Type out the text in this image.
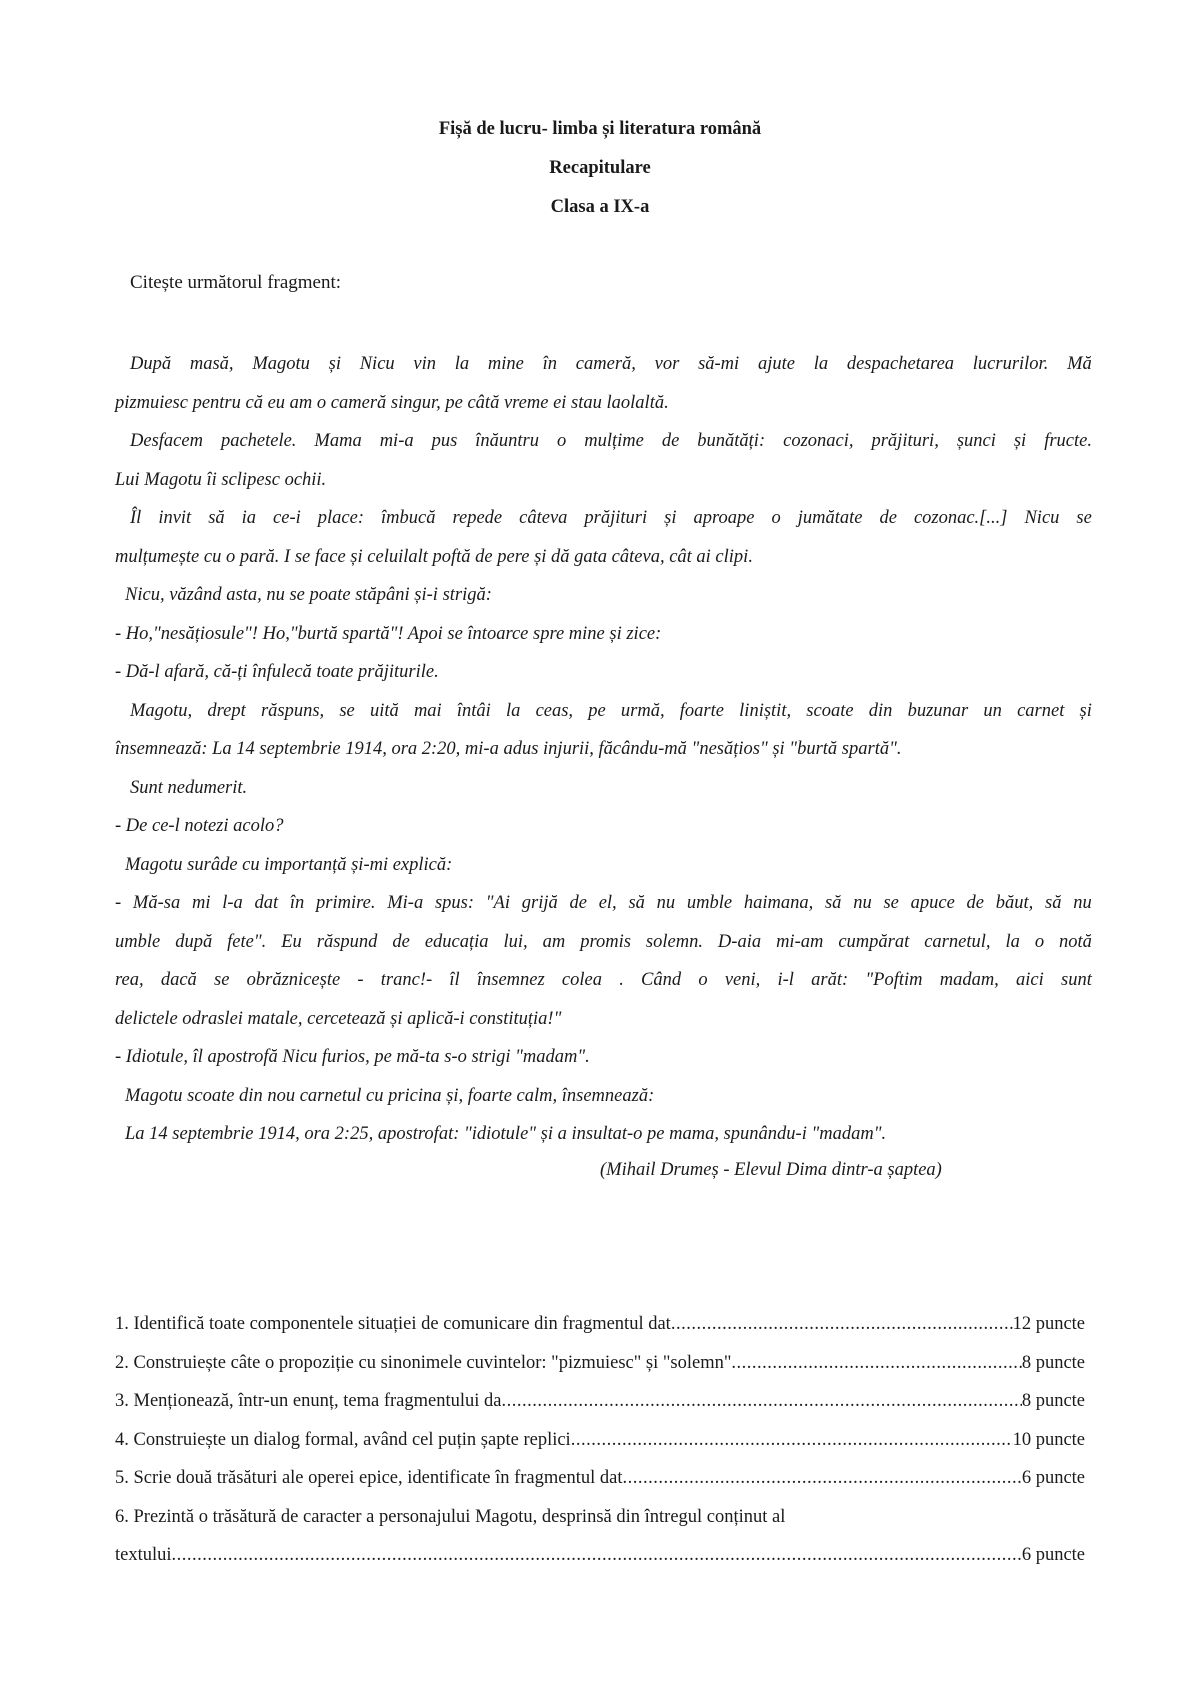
Fișă de lucru- limba și literatura română
Recapitulare
Clasa a IX-a
Citește următorul fragment:
După masă, Magotu și Nicu vin la mine în cameră, vor să-mi ajute la despachetarea lucrurilor. Mă
pizmuiesc pentru că eu am o cameră singur, pe câtă vreme ei stau laolaltă.
Desfacem pachetele. Mama mi-a pus înăuntru o mulțime de bunătăți: cozonaci, prăjituri, șunci și fructe.
Lui Magotu îi sclipesc ochii.
Îl invit să ia ce-i place: îmbucă repede câteva prăjituri și aproape o jumătate de cozonac.[...] Nicu se
mulțumește cu o pară. I se face și celuilalt poftă de pere și dă gata câteva, cât ai clipi.
Nicu, văzând asta, nu se poate stăpâni și-i strigă:
- Ho,"nesățiosule"! Ho,"burtă spartă"! Apoi se întoarce spre mine și zice:
- Dă-l afară, că-ți înfulecă toate prăjiturile.
Magotu, drept răspuns, se uită mai întâi la ceas, pe urmă, foarte liniștit, scoate din buzunar un carnet și
însemnează: La 14 septembrie 1914, ora 2:20, mi-a adus injurii, făcându-mă "nesățios" și "burtă spartă".
Sunt nedumerit.
- De ce-l notezi acolo?
Magotu surâde cu importanță și-mi explică:
- Mă-sa mi l-a dat în primire. Mi-a spus: "Ai grijă de el, să nu umble haimana, să nu se apuce de băut, să nu
umble după fete". Eu răspund de educația lui, am promis solemn. D-aia mi-am cumpărat carnetul, la o notă
rea, dacă se obrăznicește - tranc!- îl însemnez colea . Când o veni, i-l arăt: "Poftim madam, aici sunt
delictele odraslei matale, cercetează și aplică-i constituția!"
- Idiotule, îl apostrofă Nicu furios, pe mă-ta s-o strigi "madam".
Magotu scoate din nou carnetul cu pricina și, foarte calm, însemnează:
La 14 septembrie 1914, ora 2:25, apostrofat: "idiotule" și a insultat-o pe mama, spunându-i "madam".
(Mihail Drumeș - Elevul Dima dintr-a șaptea)
1. Identifică toate componentele situației de comunicare din fragmentul dat .....	12 puncte
2. Construiește câte o propoziție cu sinonimele cuvintelor: "pizmuiesc" și "solemn" .....	8 puncte
3. Menționează, într-un enunț, tema fragmentului da .....	8 puncte
4. Construiește un dialog formal, având cel puțin șapte replici .....	10 puncte
5. Scrie două trăsături ale operei epice, identificate în fragmentul dat .....	6 puncte
6. Prezintă o trăsătură de caracter a personajului Magotu, desprinsă din întregul conținut al
textului .....	6 puncte
